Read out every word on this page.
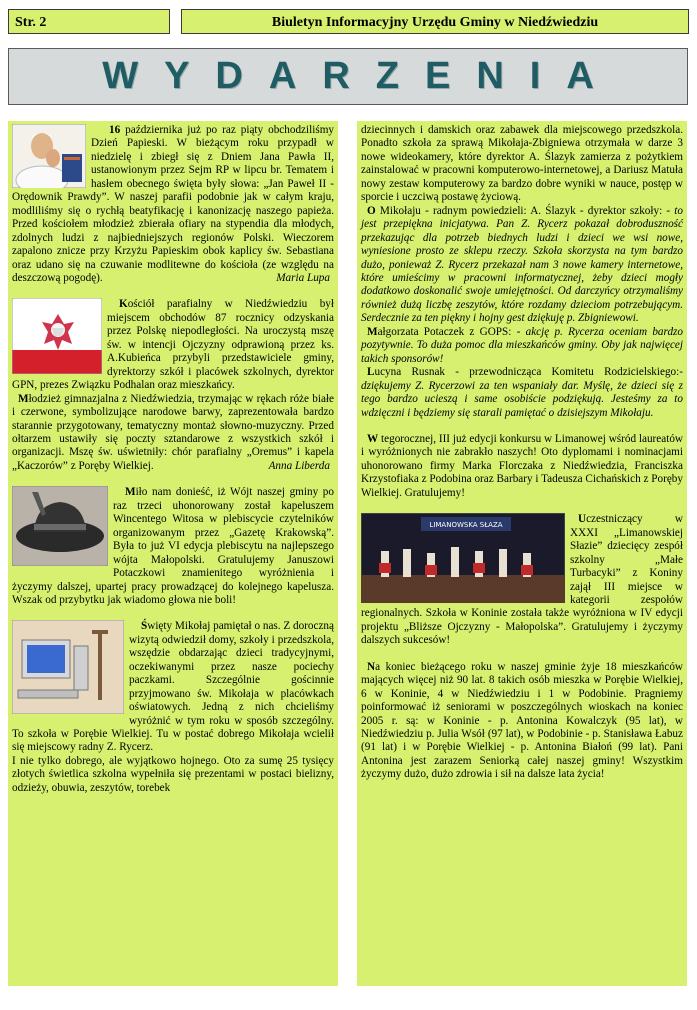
Str. 2	Biuletyn Informacyjny Urzędu Gminy w Niedźwiedziu
WYDARZENIA

16 października już po raz piąty obchodziliśmy Dzień Papieski. W bieżącym roku przypadł w niedzielę i zbiegł się z Dniem Jana Pawła II, ustanowionym przez Sejm RP w lipcu br. Tematem i hasłem obecnego święta były słowa: „Jan Paweł II - Orędownik Prawdy”. W naszej parafii podobnie jak w całym kraju, modliliśmy się o rychłą beatyfikację i kanonizację naszego papieża. Przed kościołem młodzież zbierała ofiary na stypendia dla młodych, zdolnych ludzi z najbiedniejszych regionów Polski. Wieczorem zapalono znicze przy Krzyżu Papieskim obok kaplicy św. Sebastiana oraz udano się na czuwanie modlitewne do kościoła (ze względu na deszczową pogodę).	Maria Lupa

Kościół parafialny w Niedźwiedziu był miejscem obchodów 87 rocznicy odzyskania przez Polskę niepodległości. Na uroczystą mszę św. w intencji Ojczyzny odprawioną przez ks. A.Kubieńca przybyli przedstawiciele gminy, dyrektorzy szkół i placówek szkolnych, dyrektor GPN, prezes Związku Podhalan oraz mieszkańcy.

Młodzież gimnazjalna z Niedźwiedzia, trzymając w rękach róże białe i czerwone, symbolizujące narodowe barwy, zaprezentowała bardzo starannie przygotowany, tematyczny montaż słowno-muzyczny. Przed ołtarzem ustawiły się poczty sztandarowe z wszystkich szkół i organizacji. Mszę św. uświetniły: chór parafialny „Oremus” i kapela „Kaczorów” z Poręby Wielkiej.	Anna Liberda

Miło nam donieść, iż Wójt naszej gminy po raz trzeci uhonorowany został kapeluszem Wincentego Witosa w plebiscycie czytelników organizowanym przez „Gazetę Krakowską”. Była to już VI edycja plebiscytu na najlepszego wójta Małopolski. Gratulujemy Januszowi Potaczkowi znamienitego wyróżnienia i życzymy dalszej, upartej pracy prowadzącej do kolejnego kapelusza. Wszak od przybytku jak wiadomo głowa nie boli!

Święty Mikołaj pamiętał o nas. Z doroczną wizytą odwiedził domy, szkoły i przedszkola, wszędzie obdarzając dzieci tradycyjnymi, oczekiwanymi przez nasze pociechy paczkami. Szczególnie gościnnie przyjmowano św. Mikołaja w placówkach oświatowych. Jedną z nich chcieliśmy wyróżnić w tym roku w sposób szczególny. To szkoła w Porębie Wielkiej. Tu w postać dobrego Mikołaja wcielił się miejscowy radny Z. Rycerz.

I nie tylko dobrego, ale wyjątkowo hojnego. Oto za sumę 25 tysięcy złotych świetlica szkolna wypełniła się prezentami w postaci bielizny, odzieży, obuwia, zeszytów, torebek

dziecinnych i damskich oraz zabawek dla miejscowego przedszkola. Ponadto szkoła za sprawą Mikołaja-Zbigniewa otrzymała w darze 3 nowe wideokamery, które dyrektor A. Ślazyk zamierza z pożytkiem zainstalować w pracowni komputerowo-internetowej, a Dariusz Matuła nowy zestaw komputerowy za bardzo dobre wyniki w nauce, postęp w sporcie i uczciwą postawę życiową.

O Mikołaju - radnym powiedzieli: A. Ślazyk - dyrektor szkoły: - to jest przepiękna inicjatywa. Pan Z. Rycerz pokazał dobroduszność przekazując dla potrzeb biednych ludzi i dzieci we wsi nowe, wyniesione prosto ze sklepu rzeczy. Szkoła skorzysta na tym bardzo dużo, ponieważ Z. Rycerz przekazał nam 3 nowe kamery internetowe, które umieścimy w pracowni informatycznej, żeby dzieci mogły dodatkowo doskonalić swoje umiejętności. Od darczyńcy otrzymaliśmy również dużą liczbę zeszytów, które rozdamy dzieciom potrzebującym. Serdecznie za ten piękny i hojny gest dziękuję p. Zbigniewowi.

Małgorzata Potaczek z GOPS: - akcję p. Rycerza oceniam bardzo pozytywnie. To duża pomoc dla mieszkańców gminy. Oby jak najwięcej takich sponsorów!

Lucyna Rusnak - przewodnicząca Komitetu Rodzicielskiego:- dziękujemy Z. Rycerzowi za ten wspaniały dar. Myślę, że dzieci się z tego bardzo ucieszą i same osobiście podziękują. Jesteśmy za to wdzięczni i będziemy się starali pamiętać o dzisiejszym Mikołaju.

W tegorocznej, III już edycji konkursu w Limanowej wśród laureatów i wyróżnionych nie zabrakło naszych! Oto dyplomami i nominacjami uhonorowano firmy Marka Florczaka z Niedźwiedzia, Franciszka Krzystofiaka z Podobina oraz Barbary i Tadeusza Cichańskich z Poręby Wielkiej. Gratulujemy!

LIMANOWSKA SŁAZA	Uczestniczący w XXXI „Limanowskiej Słazie” dziecięcy zespół szkolny „Małe Turbacyki” z Koniny zajął III miejsce w kategorii zespołów regionalnych. Szkoła w Koninie została także wyróżniona w IV edycji projektu „Bliższe Ojczyzny - Małopolska”. Gratulujemy i życzymy dalszych sukcesów!

Na koniec bieżącego roku w naszej gminie żyje 18 mieszkańców mających więcej niż 90 lat. 8 takich osób mieszka w Porębie Wielkiej, 6 w Koninie, 4 w Niedźwiedziu i 1 w Podobinie. Pragniemy poinformować iż seniorami w poszczególnych wioskach na koniec 2005 r. są: w Koninie - p. Antonina Kowalczyk (95 lat), w Niedźwiedziu p. Julia Wsół (97 lat), w Podobinie - p. Stanisława Łabuz (91 lat) i w Porębie Wielkiej - p. Antonina Białoń (99 lat). Pani Antonina jest zarazem Seniorką całej naszej gminy! Wszystkim życzymy dużo, dużo zdrowia i sił na dalsze lata życia!
